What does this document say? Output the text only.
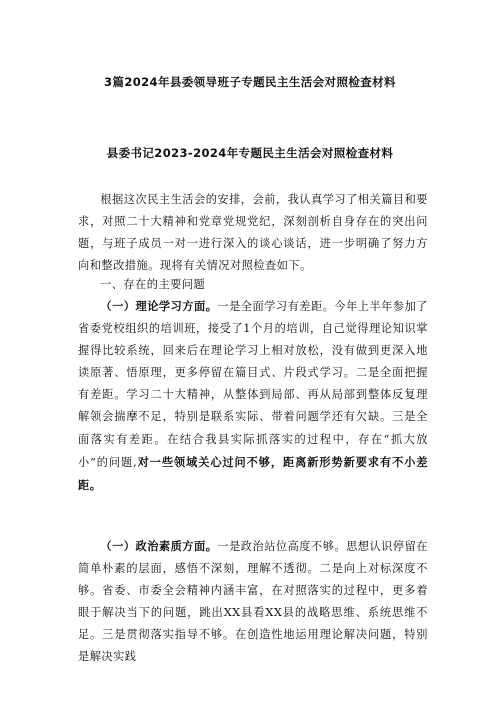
3篇2024年县委领导班子专题民主生活会对照检查材料
县委书记2023-2024年专题民主生活会对照检查材料

根据这次民主生活会的安排，会前，我认真学习了相关篇目和要求，对照二十大精神和党章党规党纪，深刻剖析自身存在的突出问题，与班子成员一对一进行深入的谈心谈话，进一步明确了努力方向和整改措施。现将有关情况对照检查如下。

一、存在的主要问题

（一）理论学习方面。一是全面学习有差距。今年上半年参加了省委党校组织的培训班，接受了1个月的培训，自己觉得理论知识掌握得比较系统，回来后在理论学习上相对放松，没有做到更深入地读原著、悟原理，更多停留在篇目式、片段式学习。二是全面把握有差距。学习二十大精神，从整体到局部、再从局部到整体反复理解领会揣摩不足，特别是联系实际、带着问题学还有欠缺。三是全面落实有差距。在结合我县实际抓落实的过程中，存在“抓大放小”的问题,对一些领域关心过问不够，距离新形势新要求有不小差距。

（一）政治素质方面。一是政治站位高度不够。思想认识停留在简单朴素的层面，感悟不深刻，理解不透彻。二是向上对标深度不够。省委、市委全会精神内涵丰富，在对照落实的过程中，更多着眼于解决当下的问题，跳出XX县看XX县的战略思维、系统思维不足。三是贯彻落实指导不够。在创造性地运用理论解决问题，特别是解决实践
